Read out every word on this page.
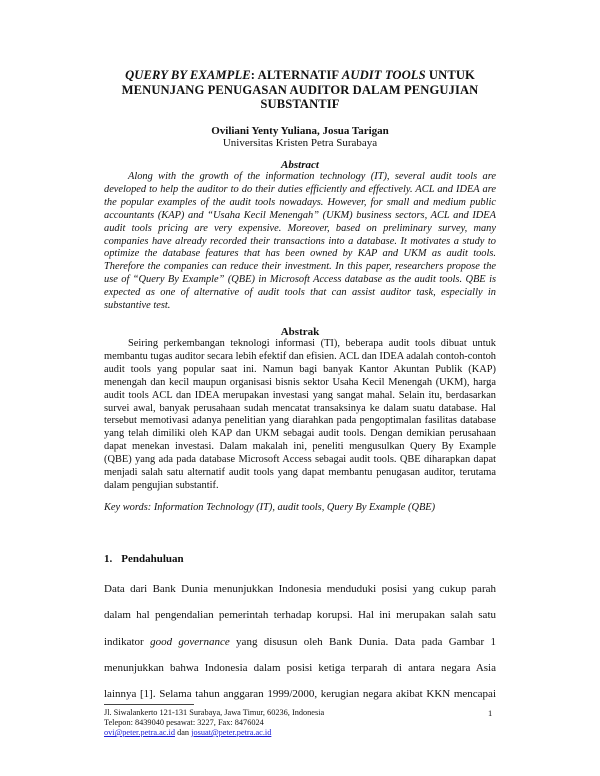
QUERY BY EXAMPLE: ALTERNATIF AUDIT TOOLS UNTUK
MENUNJANG PENUGASAN AUDITOR DALAM PENGUJIAN
SUBSTANTIF
Oviliani Yenty Yuliana, Josua Tarigan
Universitas Kristen Petra Surabaya
Abstract

Along with the growth of the information technology (IT), several audit tools are developed to help the auditor to do their duties efficiently and effectively. ACL and IDEA are the popular examples of the audit tools nowadays. However, for small and medium public accountants (KAP) and “Usaha Kecil Menengah” (UKM) business sectors, ACL and IDEA audit tools pricing are very expensive. Moreover, based on preliminary survey, many companies have already recorded their transactions into a database. It motivates a study to optimize the database features that has been owned by KAP and UKM as audit tools. Therefore the companies can reduce their investment. In this paper, researchers propose the use of “Query By Example” (QBE) in Microsoft Access database as the audit tools. QBE is expected as one of alternative of audit tools that can assist auditor task, especially in substantive test.

Abstrak

Seiring perkembangan teknologi informasi (TI), beberapa audit tools dibuat untuk membantu tugas auditor secara lebih efektif dan efisien. ACL dan IDEA adalah contoh-contoh audit tools yang popular saat ini. Namun bagi banyak Kantor Akuntan Publik (KAP) menengah dan kecil maupun organisasi bisnis sektor Usaha Kecil Menengah (UKM), harga audit tools ACL dan IDEA merupakan investasi yang sangat mahal. Selain itu, berdasarkan survei awal, banyak perusahaan sudah mencatat transaksinya ke dalam suatu database. Hal tersebut memotivasi adanya penelitian yang diarahkan pada pengoptimalan fasilitas database yang telah dimiliki oleh KAP dan UKM sebagai audit tools. Dengan demikian perusahaan dapat menekan investasi. Dalam makalah ini, peneliti mengusulkan Query By Example (QBE) yang ada pada database Microsoft Access sebagai audit tools. QBE diharapkan dapat menjadi salah satu alternatif audit tools yang dapat membantu penugasan auditor, terutama dalam pengujian substantif.

Key words: Information Technology (IT), audit tools, Query By Example (QBE)

1. Pendahuluan
Data dari Bank Dunia menunjukkan Indonesia menduduki posisi yang cukup parah
dalam hal pengendalian pemerintah terhadap korupsi. Hal ini merupakan salah satu
indikator good governance yang disusun oleh Bank Dunia. Data pada Gambar 1
menunjukkan bahwa Indonesia dalam posisi ketiga terparah di antara negara Asia
lainnya [1]. Selama tahun anggaran 1999/2000, kerugian negara akibat KKN mencapai
Jl. Siwalankerto 121-131 Surabaya, Jawa Timur, 60236, Indonesia
Telepon: 8439040 pesawat: 3227, Fax: 8476024
ovi@peter.petra.ac.id dan josuat@peter.petra.ac.id
1
